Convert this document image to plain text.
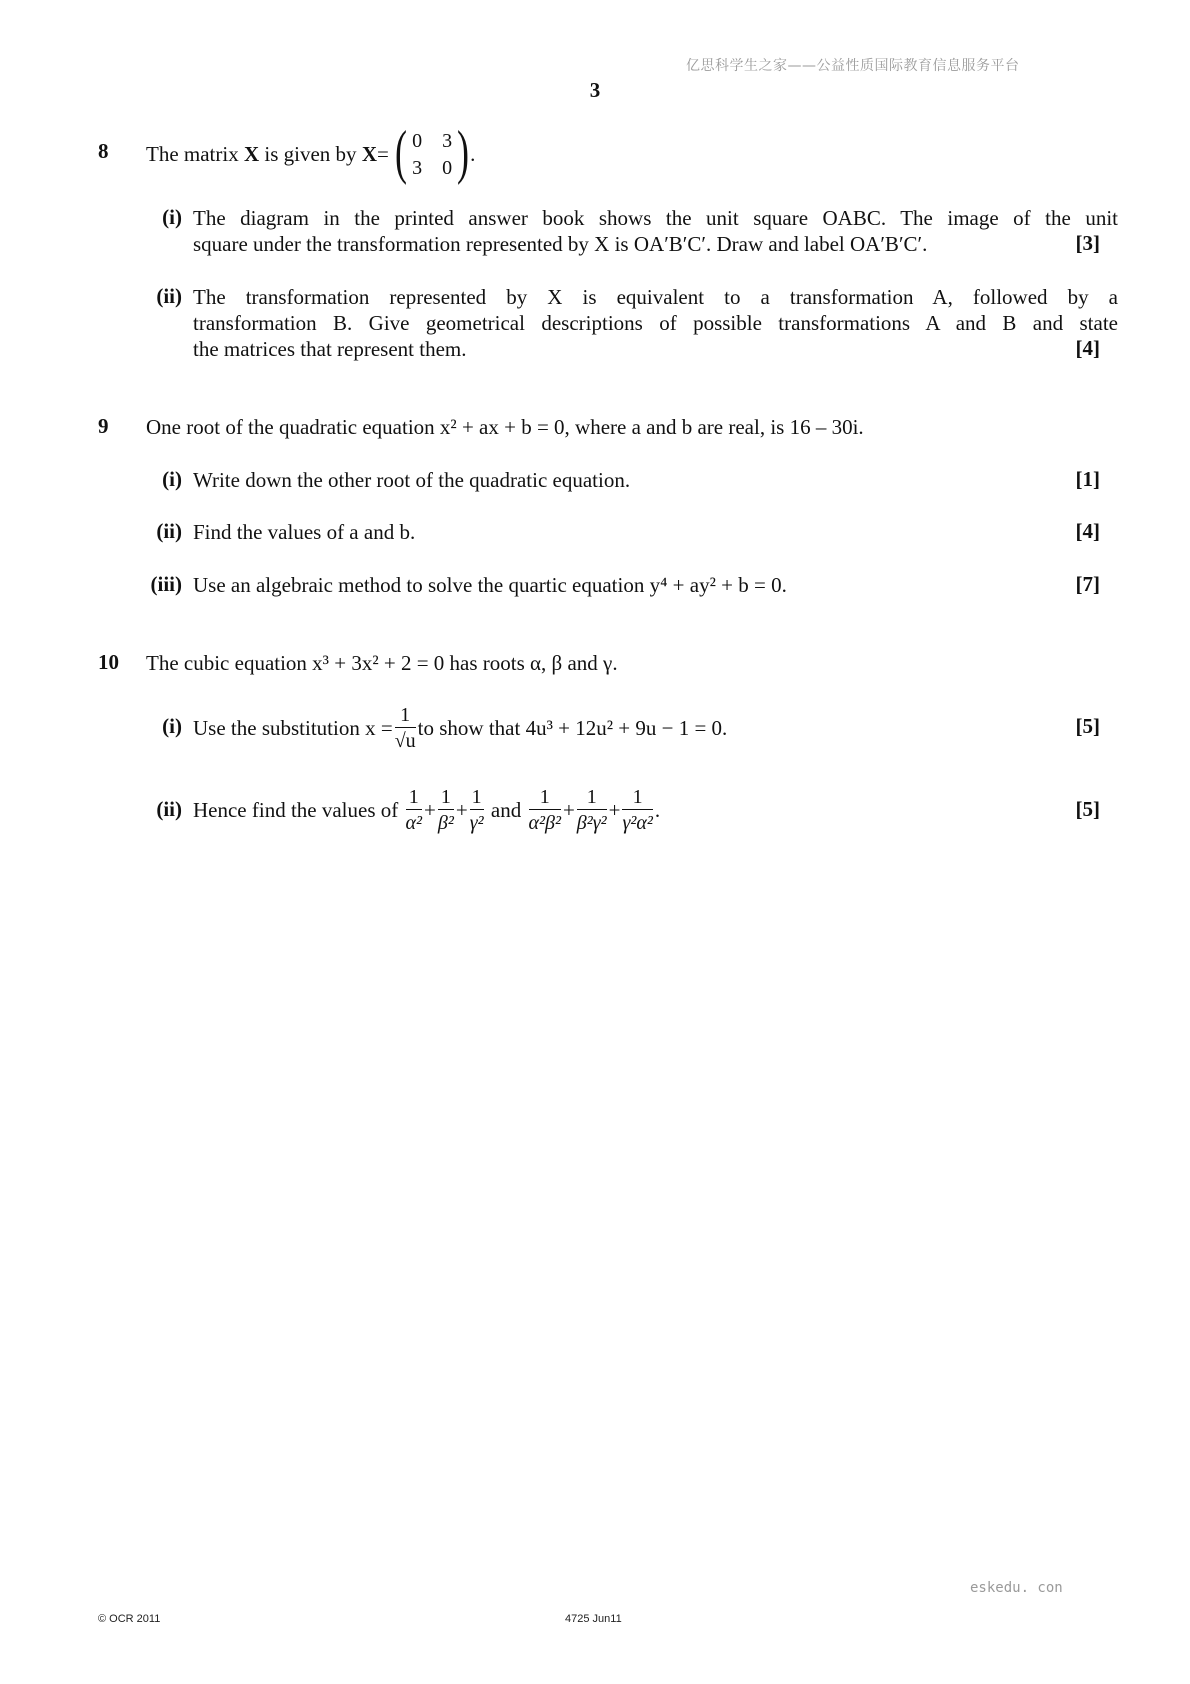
亿思科学生之家——公益性质国际教育信息服务平台
3
8 The matrix
X
is given by
X =
( 0 3
3 0 ) .
(i) The diagram in the printed answer book shows the unit square OABC. The image of the unit
square under the transformation represented by X is OA′B′C′. Draw and label OA′B′C′.	[3]
(ii) The transformation represented by X is equivalent to a transformation A, followed by a
transformation B. Give geometrical descriptions of possible transformations A and B and state
the matrices that represent them.	[4]
9 One root of the quadratic equation x² + ax + b = 0, where a and b are real, is 16 – 30i.
(i) Write down the other root of the quadratic equation.	[1]
(ii) Find the values of a and b.	[4]
(iii) Use an algebraic method to solve the quartic equation y⁴ + ay² + b = 0.	[7]
10 The cubic equation x³ + 3x² + 2 = 0 has roots α, β and γ.
(i) Use the substitution $x = \frac{1}{√u}$ to show that 4u³ + 12u² + 9u − 1 = 0.	[5]
(ii) Hence find the values of
$\frac{1}{\text{α²}} + \frac{1}{\text{β²}} + \frac{1}{\text{γ²}}$
and
$\frac{1}{\text{α²β²}} + \frac{1}{\text{β²γ²}} + \frac{1}{\text{γ²α²}}$ .	[5]
eskedu. con
© OCR 2011	4725 Jun11
